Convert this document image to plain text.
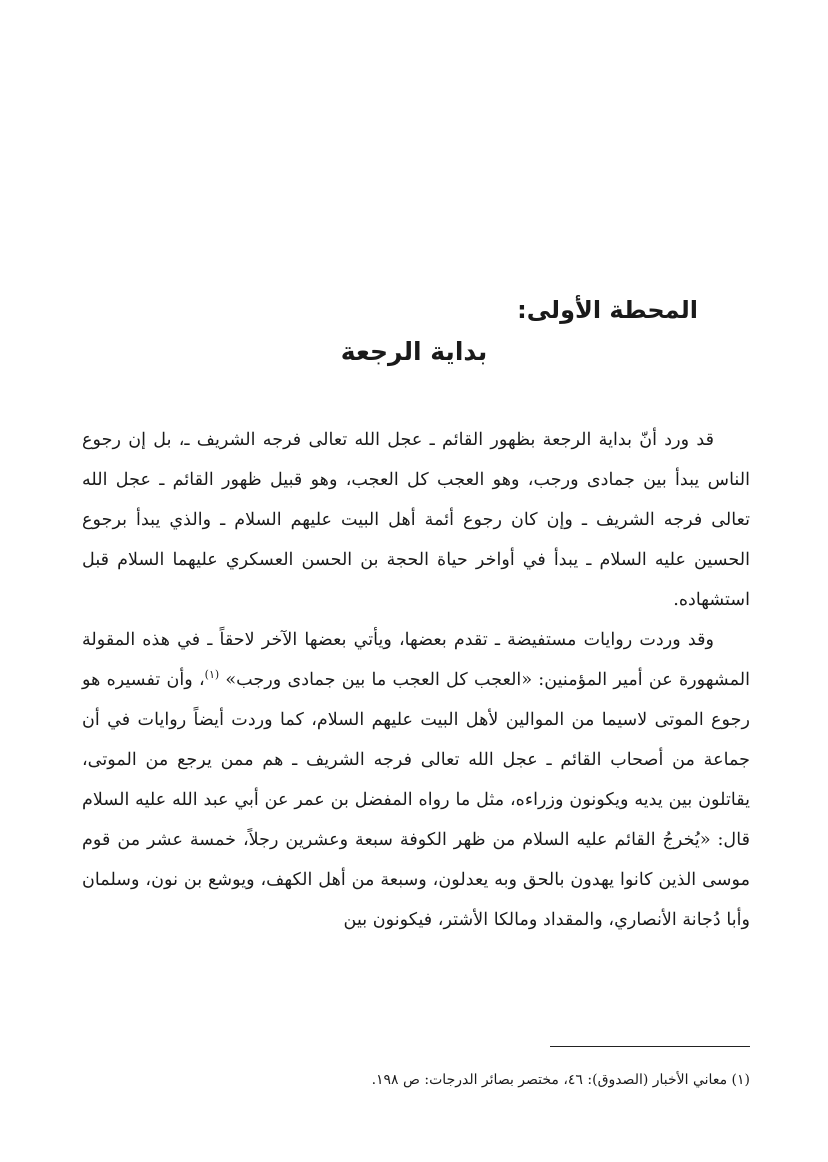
المحطة الأولى:
بداية الرجعة

قد ورد أنّ بداية الرجعة بظهور القائم ـ عجل الله تعالى فرجه الشريف ـ، بل إن رجوع الناس يبدأ بين جمادى ورجب، وهو العجب كل العجب، وهو قبيل ظهور القائم ـ عجل الله تعالى فرجه الشريف ـ وإن كان رجوع أئمة أهل البيت عليهم السلام ـ والذي يبدأ برجوع الحسين عليه السلام ـ يبدأ في أواخر حياة الحجة بن الحسن العسكري عليهما السلام قبل استشهاده.

وقد وردت روايات مستفيضة ـ تقدم بعضها، ويأتي بعضها الآخر لاحقاً ـ في هذه المقولة المشهورة عن أمير المؤمنين: «العجب كل العجب ما بين جمادى ورجب» $^{(١)}$، وأن تفسيره هو رجوع الموتى لاسيما من الموالين لأهل البيت عليهم السلام، كما وردت أيضاً روايات في أن جماعة من أصحاب القائم ـ عجل الله تعالى فرجه الشريف ـ هم ممن يرجع من الموتى، يقاتلون بين يديه ويكونون وزراءه، مثل ما رواه المفضل بن عمر عن أبي عبد الله عليه السلام قال: «يُخرجُ القائم عليه السلام من ظهر الكوفة سبعة وعشرين رجلاً، خمسة عشر من قوم موسى الذين كانوا يهدون بالحق وبه يعدلون، وسبعة من أهل الكهف، ويوشع بن نون، وسلمان وأبا دُجانة الأنصاري، والمقداد ومالكا الأشتر، فيكونون بين

(١) معاني الأخبار (الصدوق): ٤٦، مختصر بصائر الدرجات: ص ١٩٨.
